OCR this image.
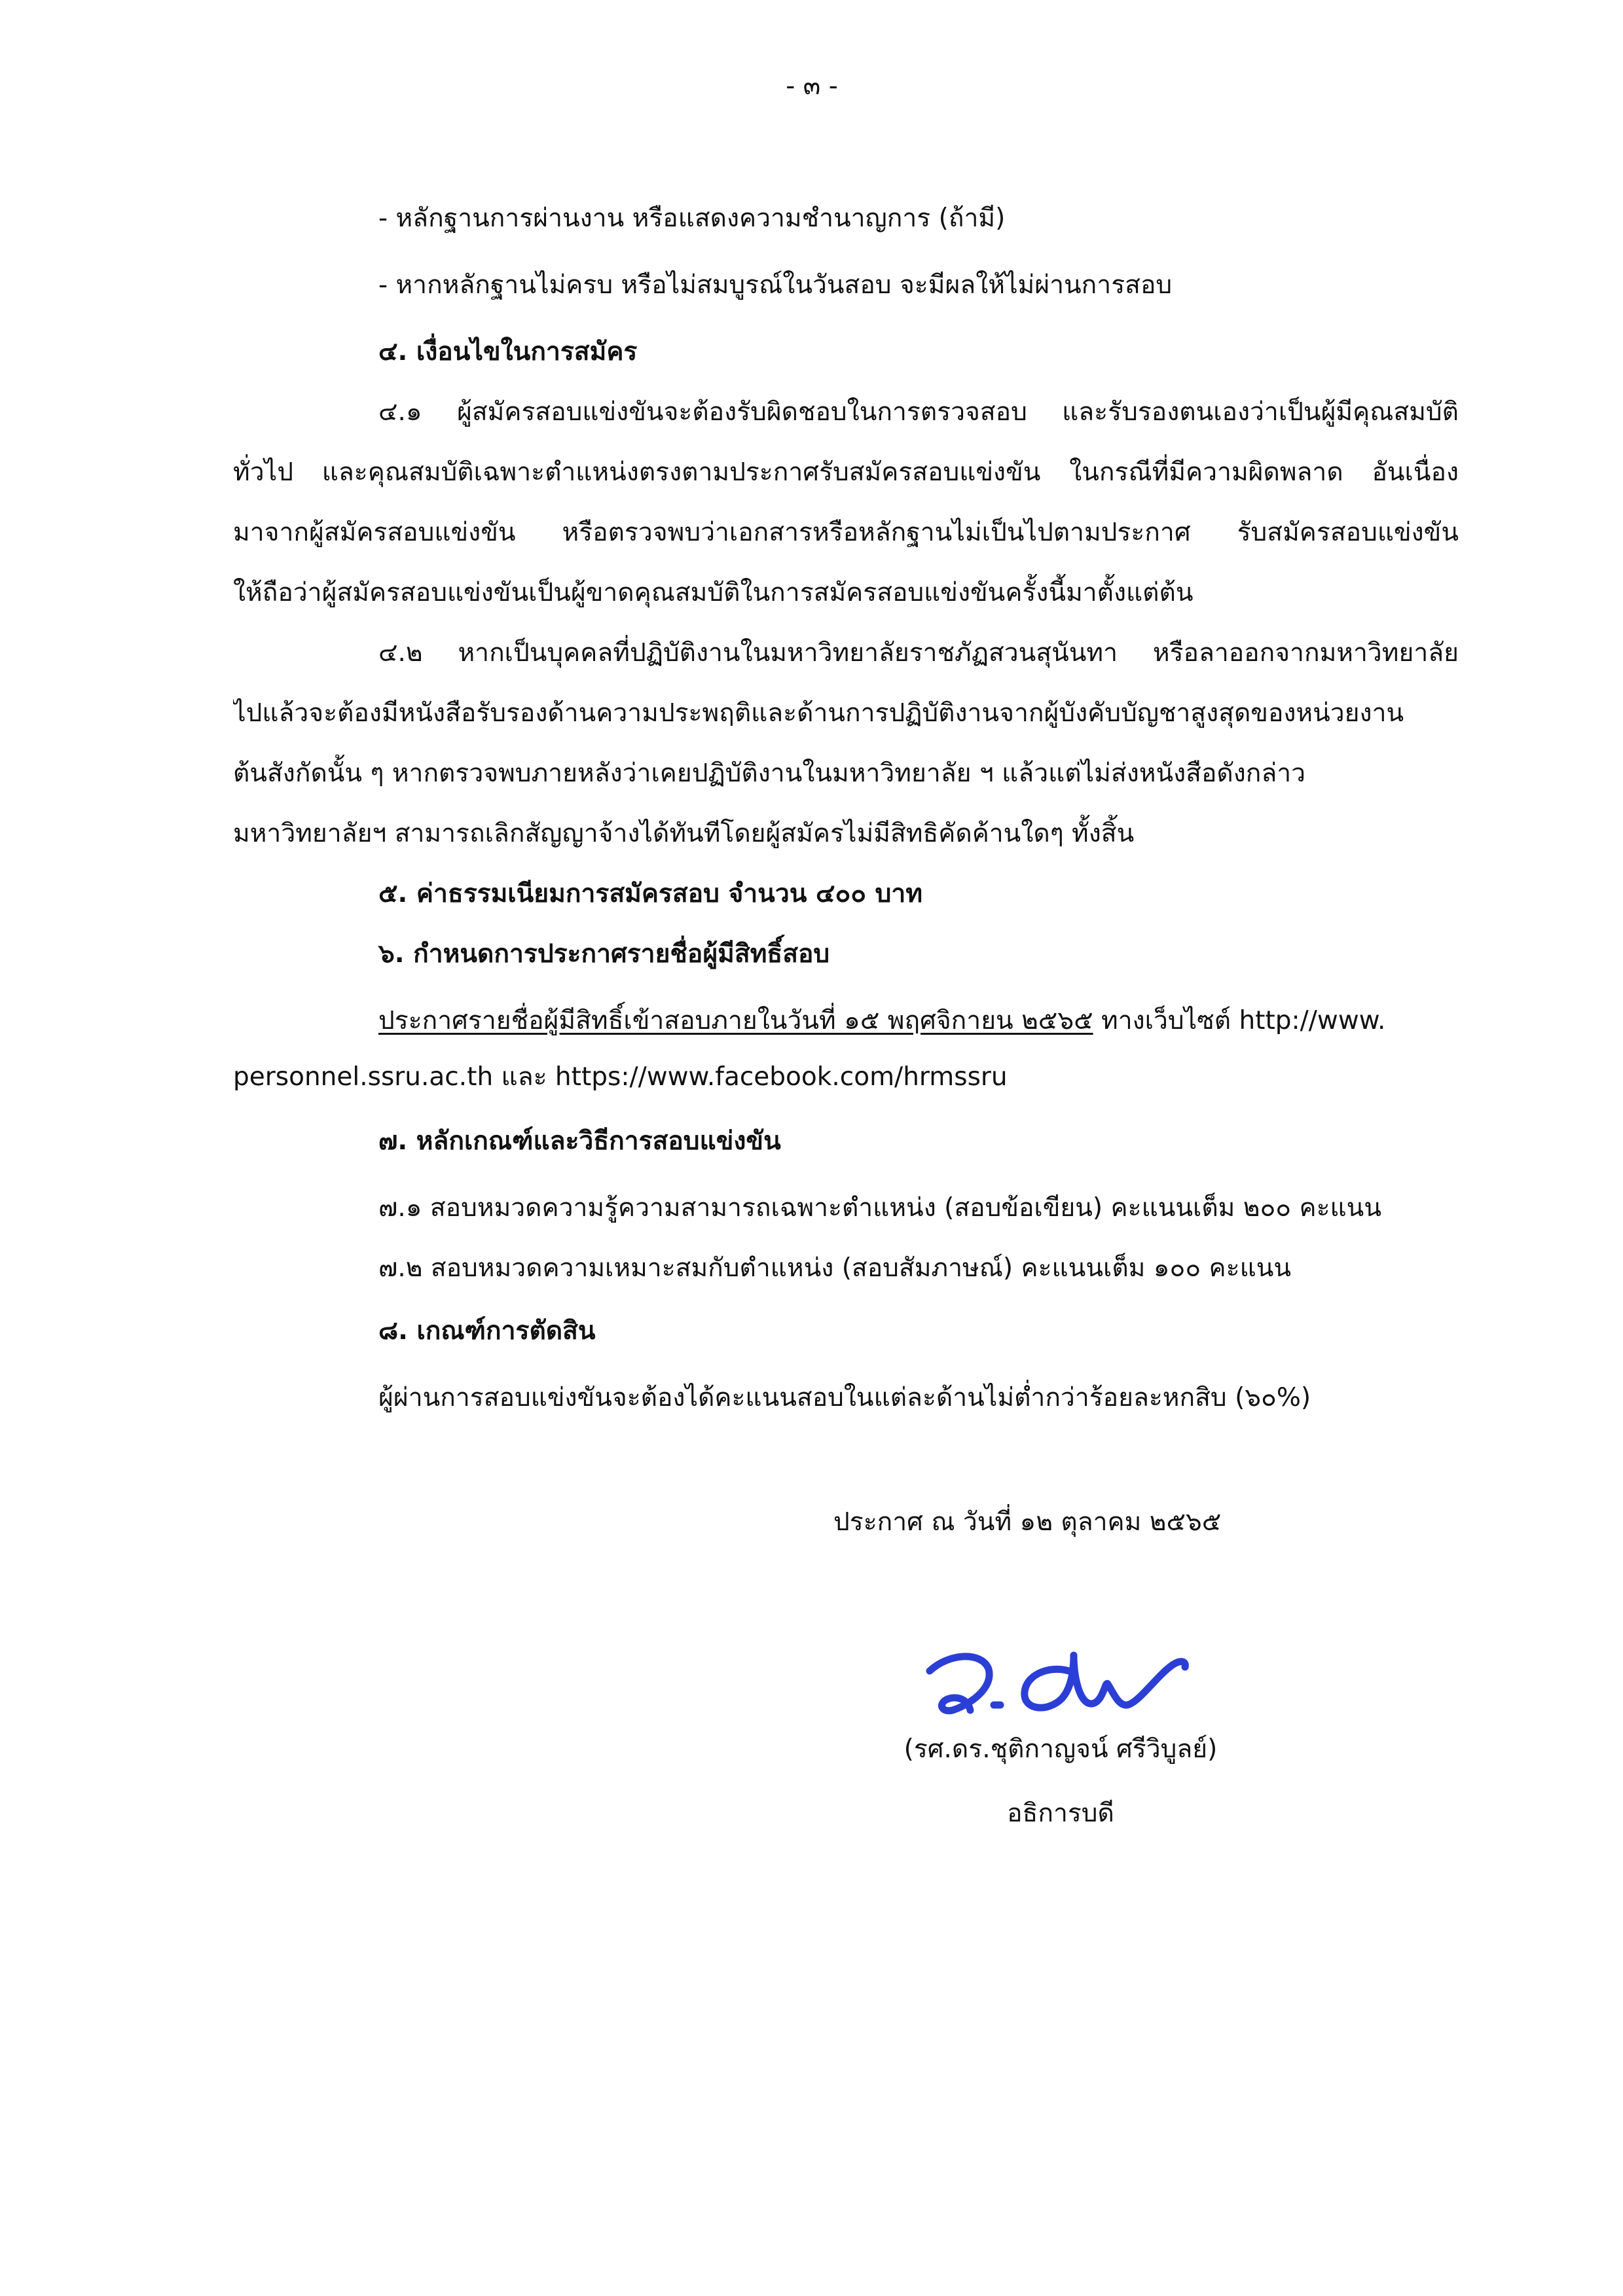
- ๓ -
- หลักฐานการผ่านงาน หรือแสดงความชำนาญการ (ถ้ามี)
- หากหลักฐานไม่ครบ หรือไม่สมบูรณ์ในวันสอบ จะมีผลให้ไม่ผ่านการสอบ
๔. เงื่อนไขในการสมัคร
๔.๑ ผู้สมัครสอบแข่งขันจะต้องรับผิดชอบในการตรวจสอบ และรับรองตนเองว่าเป็นผู้มีคุณสมบัติ
ทั่วไป และคุณสมบัติเฉพาะตำแหน่งตรงตามประกาศรับสมัครสอบแข่งขัน ในกรณีที่มีความผิดพลาด อันเนื่อง
มาจากผู้สมัครสอบแข่งขัน หรือตรวจพบว่าเอกสารหรือหลักฐานไม่เป็นไปตามประกาศ รับสมัครสอบแข่งขัน
ให้ถือว่าผู้สมัครสอบแข่งขันเป็นผู้ขาดคุณสมบัติในการสมัครสอบแข่งขันครั้งนี้มาตั้งแต่ต้น
๔.๒ หากเป็นบุคคลที่ปฏิบัติงานในมหาวิทยาลัยราชภัฏสวนสุนันทา หรือลาออกจากมหาวิทยาลัย
ไปแล้วจะต้องมีหนังสือรับรองด้านความประพฤติและด้านการปฏิบัติงานจากผู้บังคับบัญชาสูงสุดของหน่วยงาน
ต้นสังกัดนั้น ๆ หากตรวจพบภายหลังว่าเคยปฏิบัติงานในมหาวิทยาลัย ฯ แล้วแต่ไม่ส่งหนังสือดังกล่าว
มหาวิทยาลัยฯ สามารถเลิกสัญญาจ้างได้ทันทีโดยผู้สมัครไม่มีสิทธิคัดค้านใดๆ ทั้งสิ้น
๕. ค่าธรรมเนียมการสมัครสอบ จำนวน ๔๐๐ บาท
๖. กำหนดการประกาศรายชื่อผู้มีสิทธิ์สอบ
ประกาศรายชื่อผู้มีสิทธิ์เข้าสอบภายในวันที่ ๑๕ พฤศจิกายน ๒๕๖๕ ทางเว็บไซต์ http://www.
personnel.ssru.ac.th และ https://www.facebook.com/hrmssru
๗. หลักเกณฑ์และวิธีการสอบแข่งขัน
๗.๑ สอบหมวดความรู้ความสามารถเฉพาะตำแหน่ง (สอบข้อเขียน) คะแนนเต็ม ๒๐๐ คะแนน
๗.๒ สอบหมวดความเหมาะสมกับตำแหน่ง (สอบสัมภาษณ์) คะแนนเต็ม ๑๐๐ คะแนน
๘. เกณฑ์การตัดสิน
ผู้ผ่านการสอบแข่งขันจะต้องได้คะแนนสอบในแต่ละด้านไม่ต่ำกว่าร้อยละหกสิบ (๖๐%)
ประกาศ ณ วันที่ ๑๒ ตุลาคม ๒๕๖๕
(รศ.ดร.ชุติกาญจน์ ศรีวิบูลย์)
อธิการบดี
